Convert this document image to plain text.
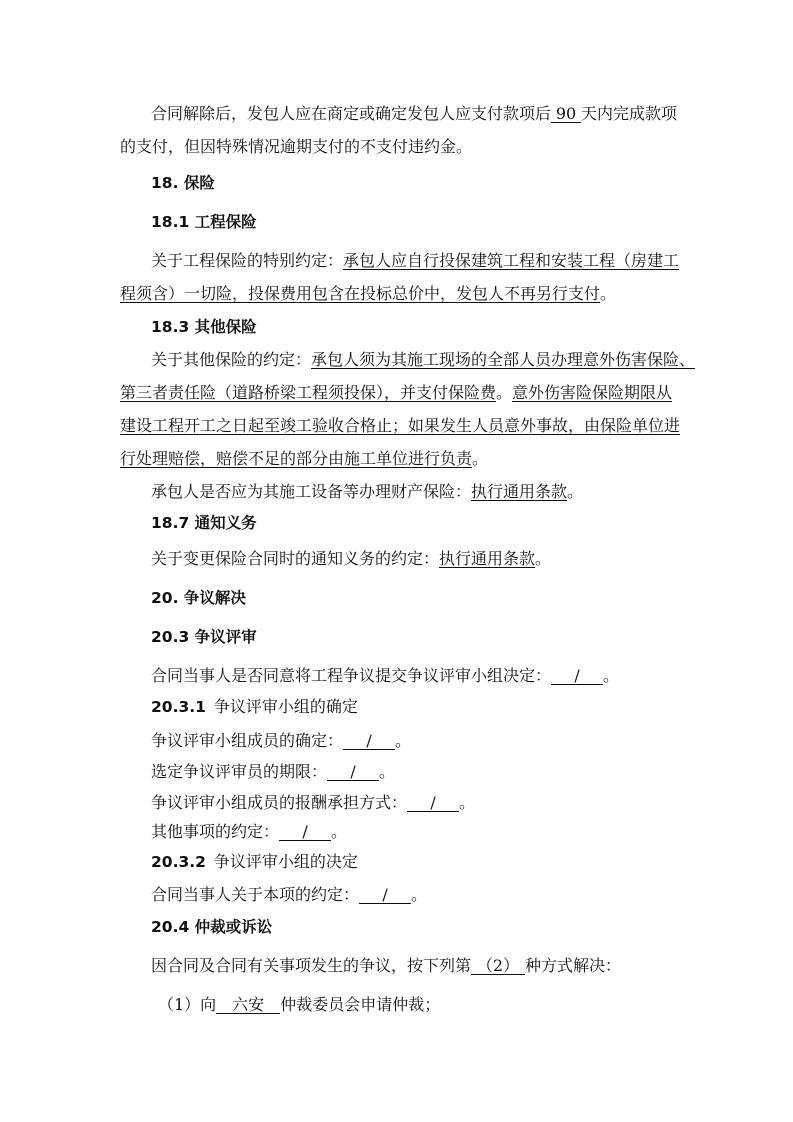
合同解除后，发包人应在商定或确定发包人应支付款项后 90 天内完成款项
的支付，但因特殊情况逾期支付的不支付违约金。
18. 保险
18.1 工程保险
关于工程保险的特别约定：承包人应自行投保建筑工程和安装工程（房建工
程须含）一切险，投保费用包含在投标总价中，发包人不再另行支付。
18.3 其他保险
关于其他保险的约定：承包人须为其施工现场的全部人员办理意外伤害保险、
第三者责任险（道路桥梁工程须投保），并支付保险费。意外伤害险保险期限从
建设工程开工之日起至竣工验收合格止；如果发生人员意外事故，由保险单位进
行处理赔偿，赔偿不足的部分由施工单位进行负责。
承包人是否应为其施工设备等办理财产保险：执行通用条款。
18.7 通知义务
关于变更保险合同时的通知义务的约定：执行通用条款。
20. 争议解决
20.3 争议评审
合同当事人是否同意将工程争议提交争议评审小组决定： / 。
20.3.1 争议评审小组的确定
争议评审小组成员的确定： / 。
选定争议评审员的期限： / 。
争议评审小组成员的报酬承担方式： / 。
其他事项的约定： / 。
20.3.2 争议评审小组的决定
合同当事人关于本项的约定： / 。
20.4 仲裁或诉讼
因合同及合同有关事项发生的争议，按下列第 （2） 种方式解决：
（1）向 六安 仲裁委员会申请仲裁；
